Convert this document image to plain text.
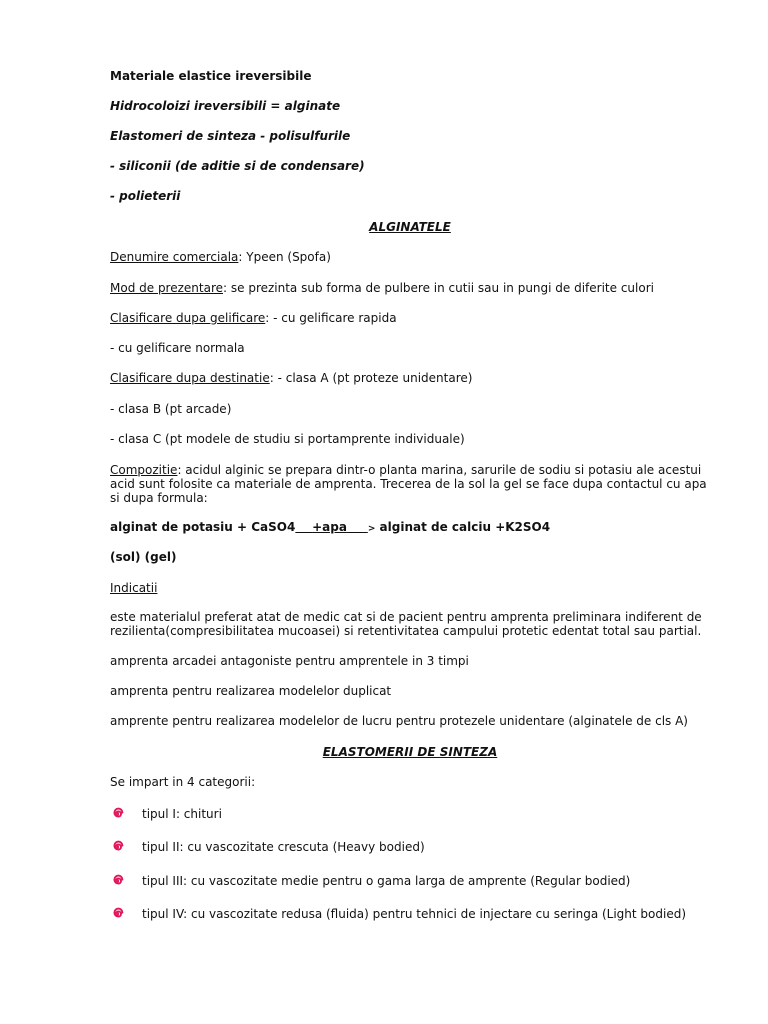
Materiale elastice ireversibile
Hidrocoloizi ireversibili = alginate
Elastomeri de sinteza - polisulfurile
- siliconii (de aditie si de condensare)
- polieterii
ALGINATELE
Denumire comerciala: Ypeen (Spofa)
Mod de prezentare: se prezinta sub forma de pulbere in cutii sau in pungi de diferite culori
Clasificare dupa gelificare: - cu gelificare rapida
- cu gelificare normala
Clasificare dupa destinatie: - clasa A (pt proteze unidentare)
- clasa B (pt arcade)
- clasa C (pt modele de studiu si portamprente individuale)
Compozitie: acidul alginic se prepara dintr-o planta marina, sarurile de sodiu si potasiu ale acestui acid sunt folosite ca materiale de amprenta. Trecerea de la sol la gel se face dupa contactul cu apa si dupa formula:
alginat de potasiu + CaSO4 +apa > alginat de calciu +K2SO4
(sol) (gel)
Indicatii
este materialul preferat atat de medic cat si de pacient pentru amprenta preliminara indiferent de rezilienta(compresibilitatea mucoasei) si retentivitatea campului protetic edentat total sau partial.
amprenta arcadei antagoniste pentru amprentele in 3 timpi
amprenta pentru realizarea modelelor duplicat
amprente pentru realizarea modelelor de lucru pentru protezele unidentare (alginatele de cls A)
ELASTOMERII DE SINTEZA
Se impart in 4 categorii:
tipul I: chituri
tipul II: cu vascozitate crescuta (Heavy bodied)
tipul III: cu vascozitate medie pentru o gama larga de amprente (Regular bodied)
tipul IV: cu vascozitate redusa (fluida) pentru tehnici de injectare cu seringa (Light bodied)
